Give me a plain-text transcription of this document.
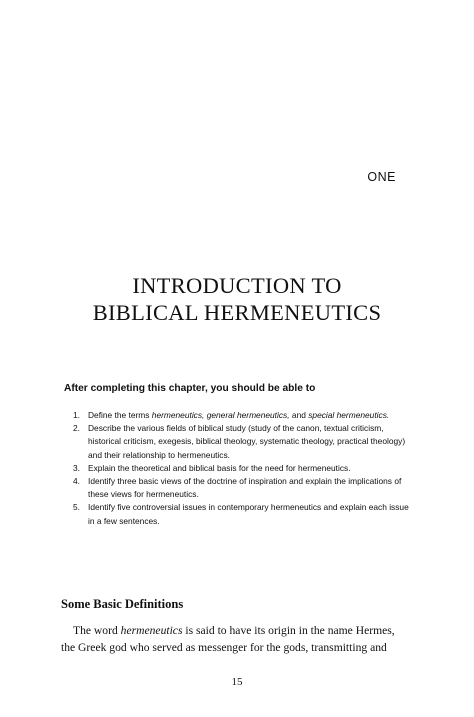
ONE
INTRODUCTION TO
BIBLICAL HERMENEUTICS
After completing this chapter, you should be able to
1. Define the terms hermeneutics, general hermeneutics, and special hermeneutics.
2. Describe the various fields of biblical study (study of the canon, textual criticism, historical criticism, exegesis, biblical theology, systematic theology, practical theology) and their relationship to hermeneutics.
3. Explain the theoretical and biblical basis for the need for hermeneutics.
4. Identify three basic views of the doctrine of inspiration and explain the implications of these views for hermeneutics.
5. Identify five controversial issues in contemporary hermeneutics and explain each issue in a few sentences.
Some Basic Definitions

The word hermeneutics is said to have its origin in the name Hermes,
the Greek god who served as messenger for the gods, transmitting and

15
